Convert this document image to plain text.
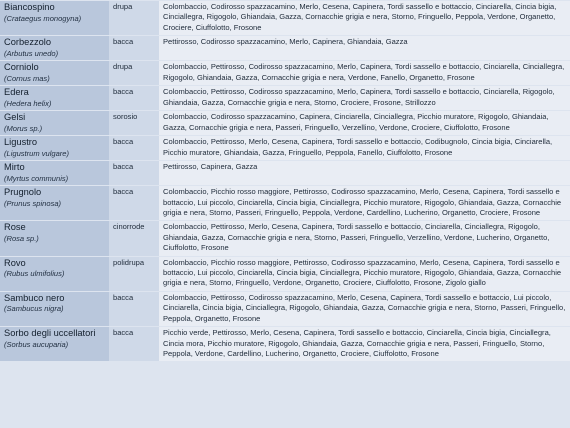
Biancospino
(Crataegus monogyna)	drupa	Colombaccio, Codirosso spazzacamino, Merlo, Cesena, Capinera, Tordi sassello e bottaccio, Cinciarella, Cincia bigia, Cinciallegra, Rigogolo, Ghiandaia, Gazza, Cornacchie grigia e nera, Storno, Fringuello, Peppola, Verdone, Organetto, Crociere, Ciuffolotto, Frosone

Corbezzolo
(Arbutus unedo)	bacca	Pettirosso, Codirosso spazzacamino, Merlo, Capinera, Ghiandaia, Gazza

Corniolo
(Cornus mas)	drupa	Colombaccio, Pettirosso, Codirosso spazzacamino, Merlo, Capinera, Tordi sassello e bottaccio, Cinciarella, Cinciallegra, Rigogolo, Ghiandaia, Gazza, Cornacchie grigia e nera, Verdone, Fanello, Organetto, Frosone

Edera
(Hedera helix)	bacca	Colombaccio, Pettirosso, Codirosso spazzacamino, Merlo, Capinera, Tordi sassello e bottaccio, Cinciarella, Rigogolo, Ghiandaia, Gazza, Cornacchie grigia e nera, Storno, Crociere, Frosone, Strillozzo

Gelsi
(Morus sp.)	sorosio	Colombaccio, Codirosso spazzacamino, Capinera, Cinciarella, Cinciallegra, Picchio muratore, Rigogolo, Ghiandaia, Gazza, Cornacchie grigia e nera, Passeri, Fringuello, Verzellino, Verdone, Crociere, Ciuffolotto, Frosone

Ligustro
(Ligustrum vulgare)	bacca	Colombaccio, Pettirosso, Merlo, Cesena, Capinera, Tordi sassello e bottaccio, Codibugnolo, Cincia bigia, Cinciarella, Picchio muratore, Ghiandaia, Gazza, Fringuello, Peppola, Fanello, Ciuffolotto, Frosone

Mirto
(Myrtus communis)	bacca	Pettirosso, Capinera, Gazza

Prugnolo
(Prunus spinosa)	bacca	Colombaccio, Picchio rosso maggiore, Pettirosso, Codirosso spazzacamino, Merlo, Cesena, Capinera, Tordi sassello e bottaccio, Lui piccolo, Cinciarella, Cincia bigia, Cinciallegra, Picchio muratore, Rigogolo, Ghiandaia, Gazza, Cornacchie grigia e nera, Storno, Passeri, Fringuello, Peppola, Verdone, Cardellino, Lucherino, Organetto, Crociere, Frosone

Rose
(Rosa sp.)	cinorrode	Colombaccio, Pettirosso, Merlo, Cesena, Capinera, Tordi sassello e bottaccio, Cinciarella, Cinciallegra, Rigogolo, Ghiandaia, Gazza, Cornacchie grigia e nera, Storno, Passeri, Fringuello, Verzellino, Verdone, Lucherino, Organetto, Ciuffolotto, Frosone

Rovo
(Rubus ulmifolius)	polidrupa	Colombaccio, Picchio rosso maggiore, Pettirosso, Codirosso spazzacamino, Merlo, Cesena, Capinera, Tordi sassello e bottaccio, Lui piccolo, Cinciarella, Cincia bigia, Cinciallegra, Picchio muratore, Rigogolo, Ghiandaia, Gazza, Cornacchie grigia e nera, Storno, Fringuello, Verdone, Organetto, Crociere, Ciuffolotto, Frosone, Zigolo giallo

Sambuco nero
(Sambucus nigra)	bacca	Colombaccio, Pettirosso, Codirosso spazzacamino, Merlo, Cesena, Capinera, Tordi sassello e bottaccio, Lui piccolo, Cinciarella, Cincia bigia, Cinciallegra, Rigogolo, Ghiandaia, Gazza, Cornacchie grigia e nera, Storno, Passeri, Fringuello, Peppola, Organetto, Frosone

Sorbo degli uccellatori
(Sorbus aucuparia)	bacca	Picchio verde, Pettirosso, Merlo, Cesena, Capinera, Tordi sassello e bottaccio, Cinciarella, Cincia bigia, Cinciallegra, Cincia mora, Picchio muratore, Rigogolo, Ghiandaia, Gazza, Cornacchie grigia e nera, Passeri, Fringuello, Storno, Peppola, Verdone, Cardellino, Lucherino, Organetto, Crociere, Ciuffolotto, Frosone
